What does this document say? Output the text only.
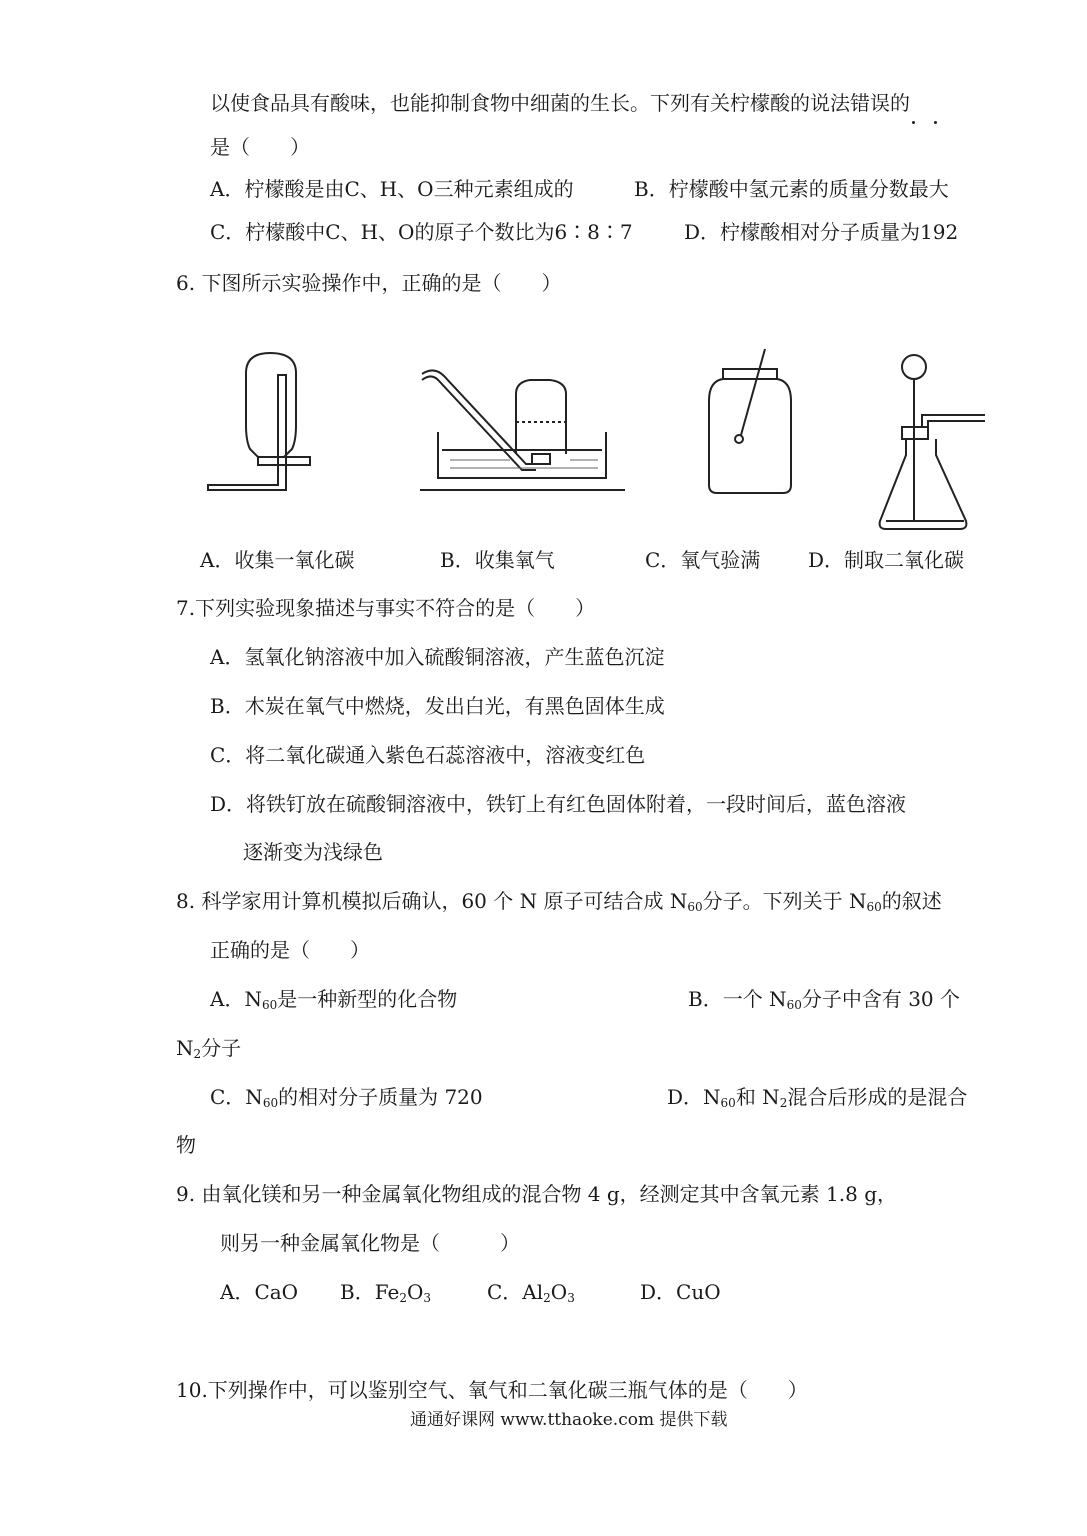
以使食品具有酸味，也能抑制食物中细菌的生长。下列有关柠檬酸的说法错误的
是（　　）
A．柠檬酸是由C、H、O三种元素组成的	B．柠檬酸中氢元素的质量分数最大
C．柠檬酸中C、H、O的原子个数比为6∶8∶7	D．柠檬酸相对分子质量为192
6. 下图所示实验操作中，正确的是（　　）
A．收集一氧化碳	B．收集氧气	C．氧气验满 D．制取二氧化碳
7.下列实验现象描述与事实不符合的是（　　）
A．氢氧化钠溶液中加入硫酸铜溶液，产生蓝色沉淀
B．木炭在氧气中燃烧，发出白光，有黑色固体生成
C．将二氧化碳通入紫色石蕊溶液中，溶液变红色
D．将铁钉放在硫酸铜溶液中，铁钉上有红色固体附着，一段时间后，蓝色溶液
逐渐变为浅绿色
8. 科学家用计算机模拟后确认，60 个 N 原子可结合成 $N_{60}$分子。下列关于 $N_{60}$的叙述
正确的是（　　）
A．$N_{60}$是一种新型的化合物	B．一个 $N_{60}$分子中含有 30 个
$N_2$分子
C．$N_{60}$的相对分子质量为 720	D．$N_{60}$和 $N_2$混合后形成的是混合
物
9. 由氧化镁和另一种金属氧化物组成的混合物 4 g，经测定其中含氧元素 1.8 g，
则另一种金属氧化物是（　　　）
A．CaO B．$Fe_2O_3$	C．$Al_2O_3$	D．CuO
10.下列操作中，可以鉴别空气、氧气和二氧化碳三瓶气体的是（　　）
通通好课网 www.tthaoke.com 提供下载
